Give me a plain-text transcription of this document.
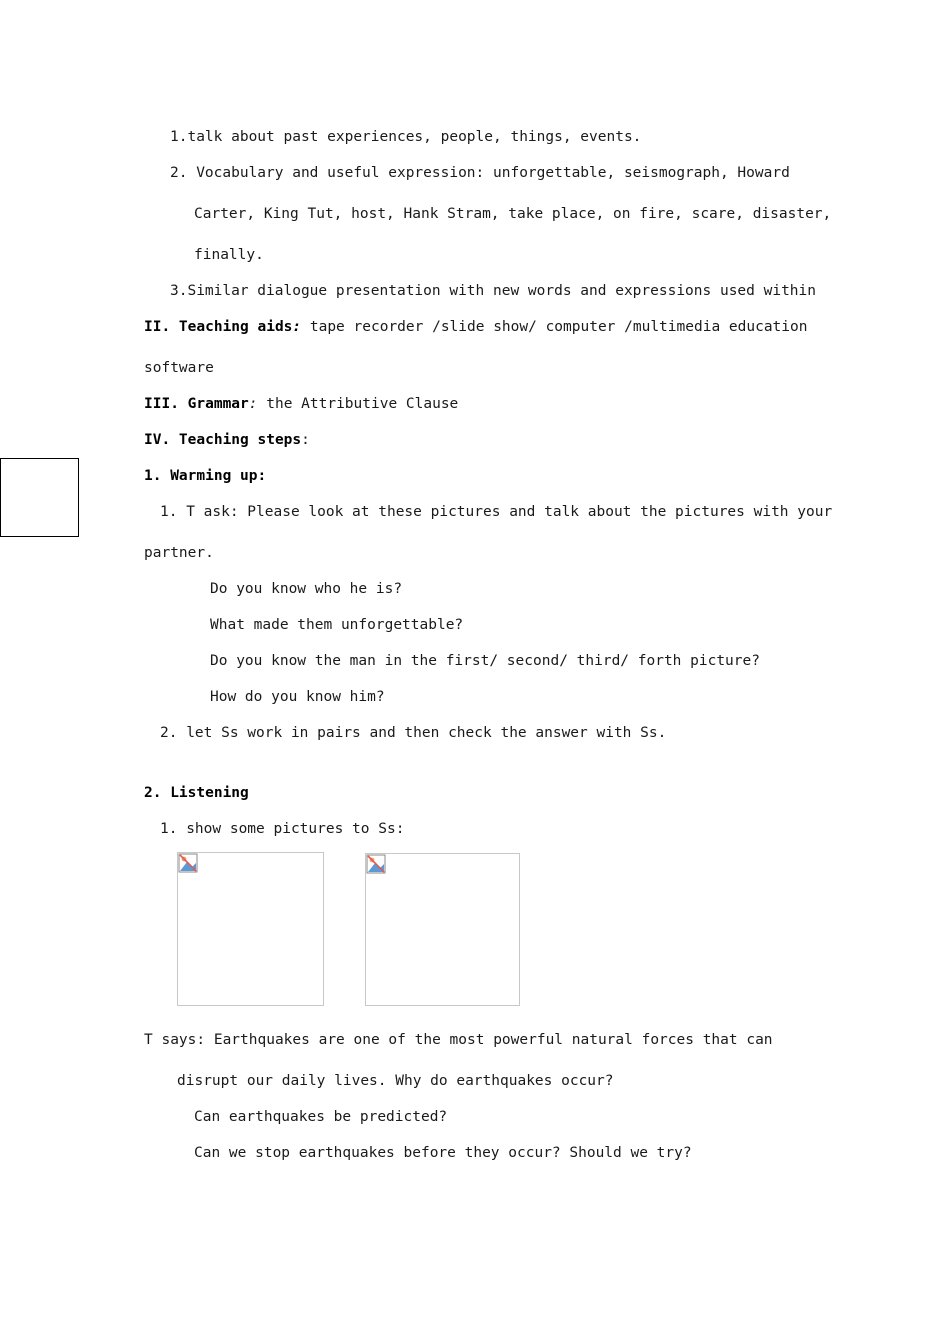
1.talk about past experiences, people, things, events.
2. Vocabulary and useful expression: unforgettable, seismograph, Howard
Carter, King Tut, host, Hank Stram, take place, on fire, scare, disaster,
finally.
3.Similar dialogue presentation with new words and expressions used within
II. Teaching aids: tape recorder /slide show/ computer /multimedia education
software
III. Grammar: the Attributive Clause
IV. Teaching steps:
1. Warming up:
1. T ask: Please look at these pictures and talk about the pictures with your
partner.
Do you know who he is?
What made them unforgettable?
Do you know the man in the first/ second/ third/ forth picture?
How do you know him?
2. let Ss work in pairs and then check the answer with Ss.
2. Listening
1. show some pictures to Ss:
T says: Earthquakes are one of the most powerful natural forces that can
disrupt our daily lives. Why do earthquakes occur?
Can earthquakes be predicted?
Can we stop earthquakes before they occur? Should we try?
